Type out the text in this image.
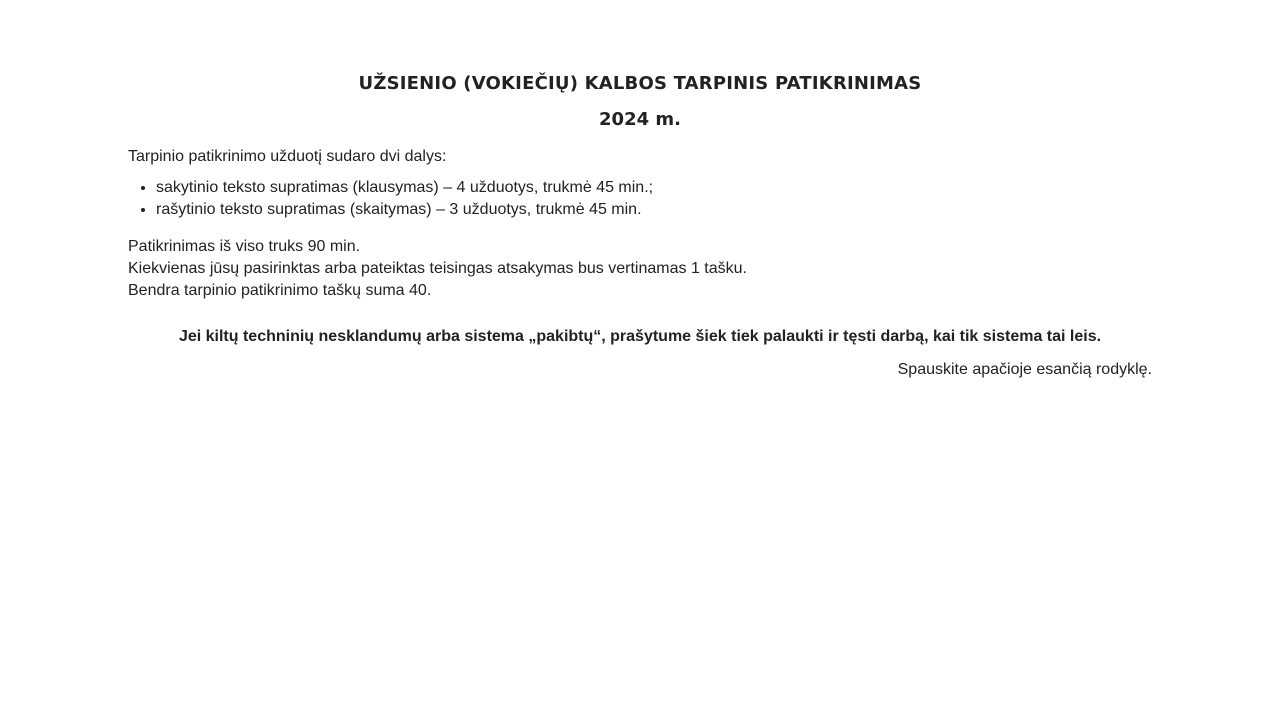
UŽSIENIO (VOKIEČIŲ) KALBOS TARPINIS PATIKRINIMAS
2024 m.

Tarpinio patikrinimo užduotį sudaro dvi dalys:

• sakytinio teksto supratimas (klausymas) – 4 užduotys, trukmė 45 min.;
• rašytinio teksto supratimas (skaitymas) – 3 užduotys, trukmė 45 min.
Patikrinimas iš viso truks 90 min.
Kiekvienas jūsų pasirinktas arba pateiktas teisingas atsakymas bus vertinamas 1 tašku.
Bendra tarpinio patikrinimo taškų suma 40.

Jei kiltų techninių nesklandumų arba sistema „pakibtų“, prašytume šiek tiek palaukti ir tęsti darbą, kai tik sistema tai leis.

Spauskite apačioje esančią rodyklę.
